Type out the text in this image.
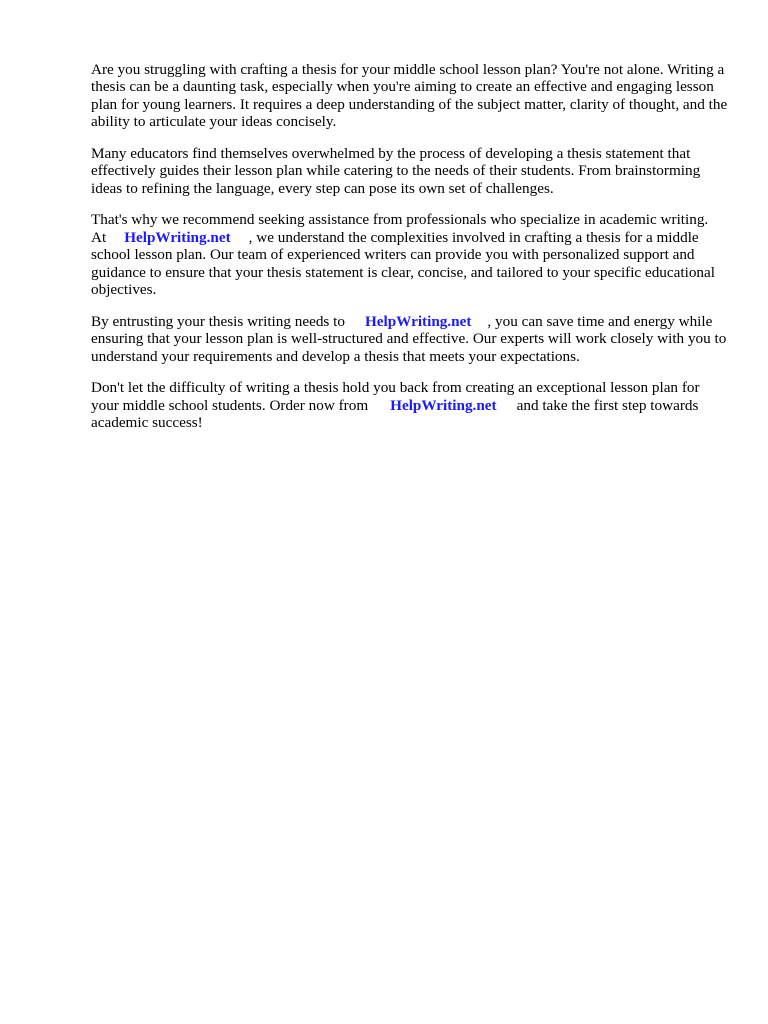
Are you struggling with crafting a thesis for your middle school lesson plan? You're not alone. Writing a thesis can be a daunting task, especially when you're aiming to create an effective and engaging lesson plan for young learners. It requires a deep understanding of the subject matter, clarity of thought, and the ability to articulate your ideas concisely.

Many educators find themselves overwhelmed by the process of developing a thesis statement that effectively guides their lesson plan while catering to the needs of their students. From brainstorming ideas to refining the language, every step can pose its own set of challenges.

That's why we recommend seeking assistance from professionals who specialize in academic writing. At HelpWriting.net , we understand the complexities involved in crafting a thesis for a middle school lesson plan. Our team of experienced writers can provide you with personalized support and guidance to ensure that your thesis statement is clear, concise, and tailored to your specific educational objectives.

By entrusting your thesis writing needs to HelpWriting.net , you can save time and energy while ensuring that your lesson plan is well-structured and effective. Our experts will work closely with you to understand your requirements and develop a thesis that meets your expectations.

Don't let the difficulty of writing a thesis hold you back from creating an exceptional lesson plan for your middle school students. Order now from HelpWriting.net and take the first step towards academic success!
